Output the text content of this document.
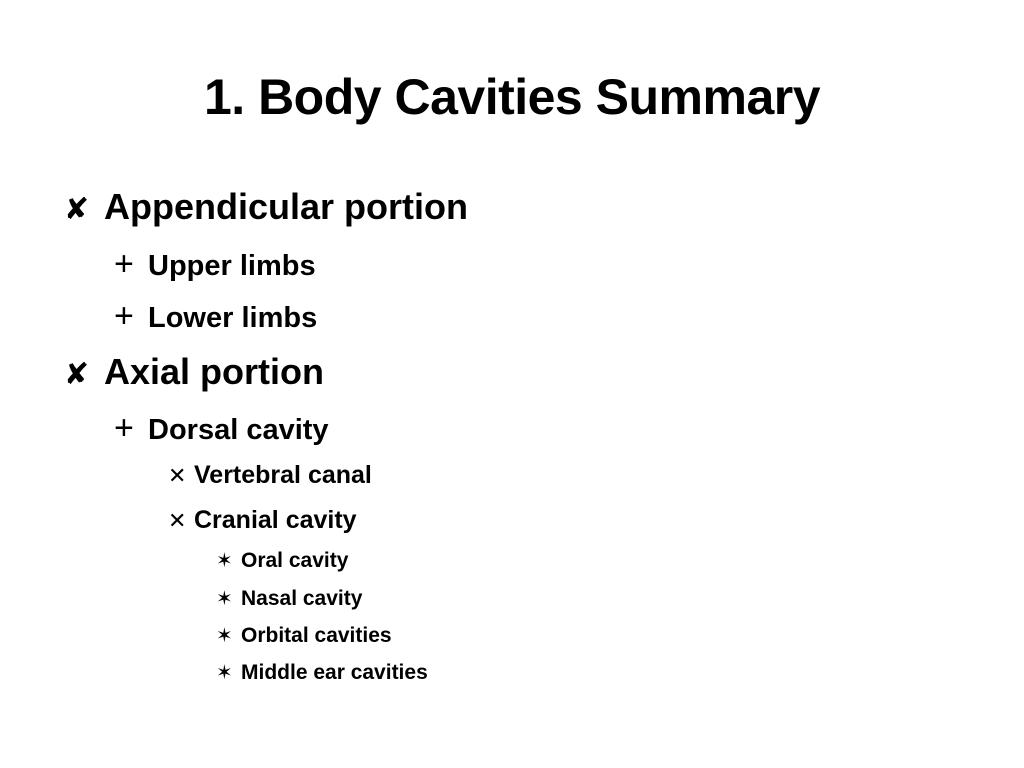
1. Body Cavities Summary
✘ Appendicular portion
+ Upper limbs
+ Lower limbs
✘ Axial portion
+ Dorsal cavity
✕ Vertebral canal
✕ Cranial cavity
✶ Oral cavity
✶ Nasal cavity
✶ Orbital cavities
✶ Middle ear cavities
